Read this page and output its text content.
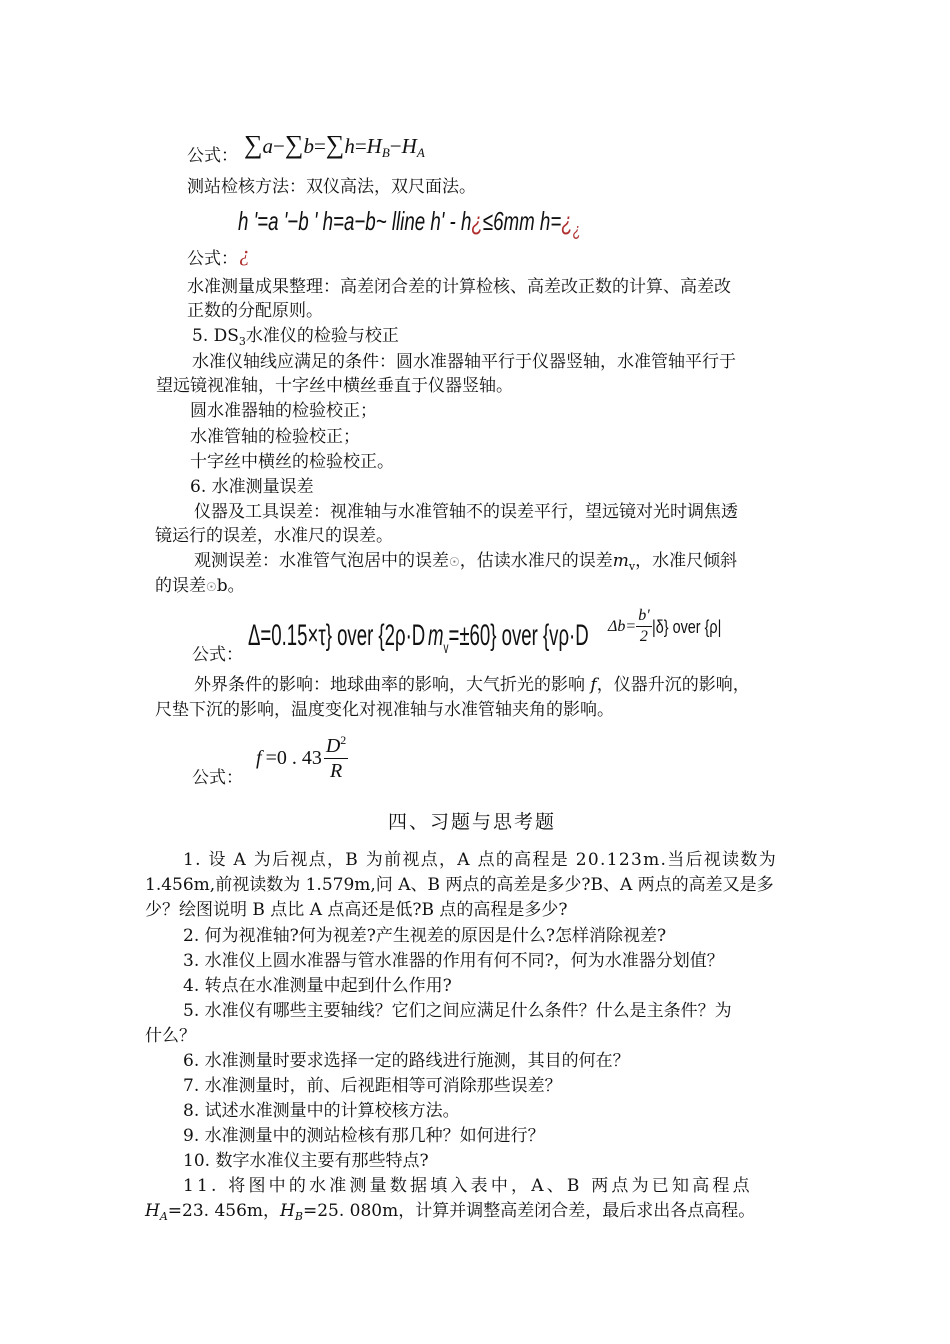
公式： $\sum a-\sum b=\sum h=H_B-H_A$
测站检核方法：双仪高法，双尺面法。
h '=a '−b ' h=a−b~ lline h' - h¿≤6mm $h=¿_¿$
公式： ¿
水准测量成果整理：高差闭合差的计算检核、高差改正数的计算、高差改
正数的分配原则。
5. $DS_3$水准仪的检验与校正
水准仪轴线应满足的条件：圆水准器轴平行于仪器竖轴，水准管轴平行于
望远镜视准轴，十字丝中横丝垂直于仪器竖轴。
圆水准器轴的检验校正；
水准管轴的检验校正；
十字丝中横丝的检验校正。
6. 水准测量误差
仪器及工具误差：视准轴与水准管轴不的误差平行，望远镜对光时调焦透
镜运行的误差，水准尺的误差。
观测误差：水准管气泡居中的误差☉，估读水准尺的误差$m_v$，水准尺倾斜
的误差☉b。
公式：
Δ=0.15×τ} over {2ρ·D $m_v=\pm 60$} over {vρ·D	$\Delta b= \frac{b'}{2} |\delta$} over {ρ|
外界条件的影响：地球曲率的影响，大气折光的影响 f，仪器升沉的影响，
尺垫下沉的影响，温度变化对视准轴与水准管轴夹角的影响。
公式：
f =0 . $43 \frac{D^2}{R}$
四、习题与思考题
1. 设 A 为后视点，B 为前视点，A 点的高程是 20.123m.当后视读数为
1.456m,前视读数为 1.579m,问 A、B 两点的高差是多少?B、A 两点的高差又是多
少？绘图说明 B 点比 A 点高还是低?B 点的高程是多少?
2. 何为视准轴?何为视差?产生视差的原因是什么?怎样消除视差?
3. 水准仪上圆水准器与管水准器的作用有何不同?，何为水准器分划值？
4. 转点在水准测量中起到什么作用?
5. 水准仪有哪些主要轴线？它们之间应满足什么条件？什么是主条件？为
什么？
6. 水准测量时要求选择一定的路线进行施测，其目的何在？
7. 水准测量时，前、后视距相等可消除那些误差？
8. 试述水准测量中的计算校核方法。
9. 水准测量中的测站检核有那几种？如何进行？
10. 数字水准仪主要有那些特点?
11. 将图中的水准测量数据填入表中，A、B 两点为已知高程点
$H_A=23$. 456m，$H_B=25$. 080m，计算并调整高差闭合差，最后求出各点高程。
